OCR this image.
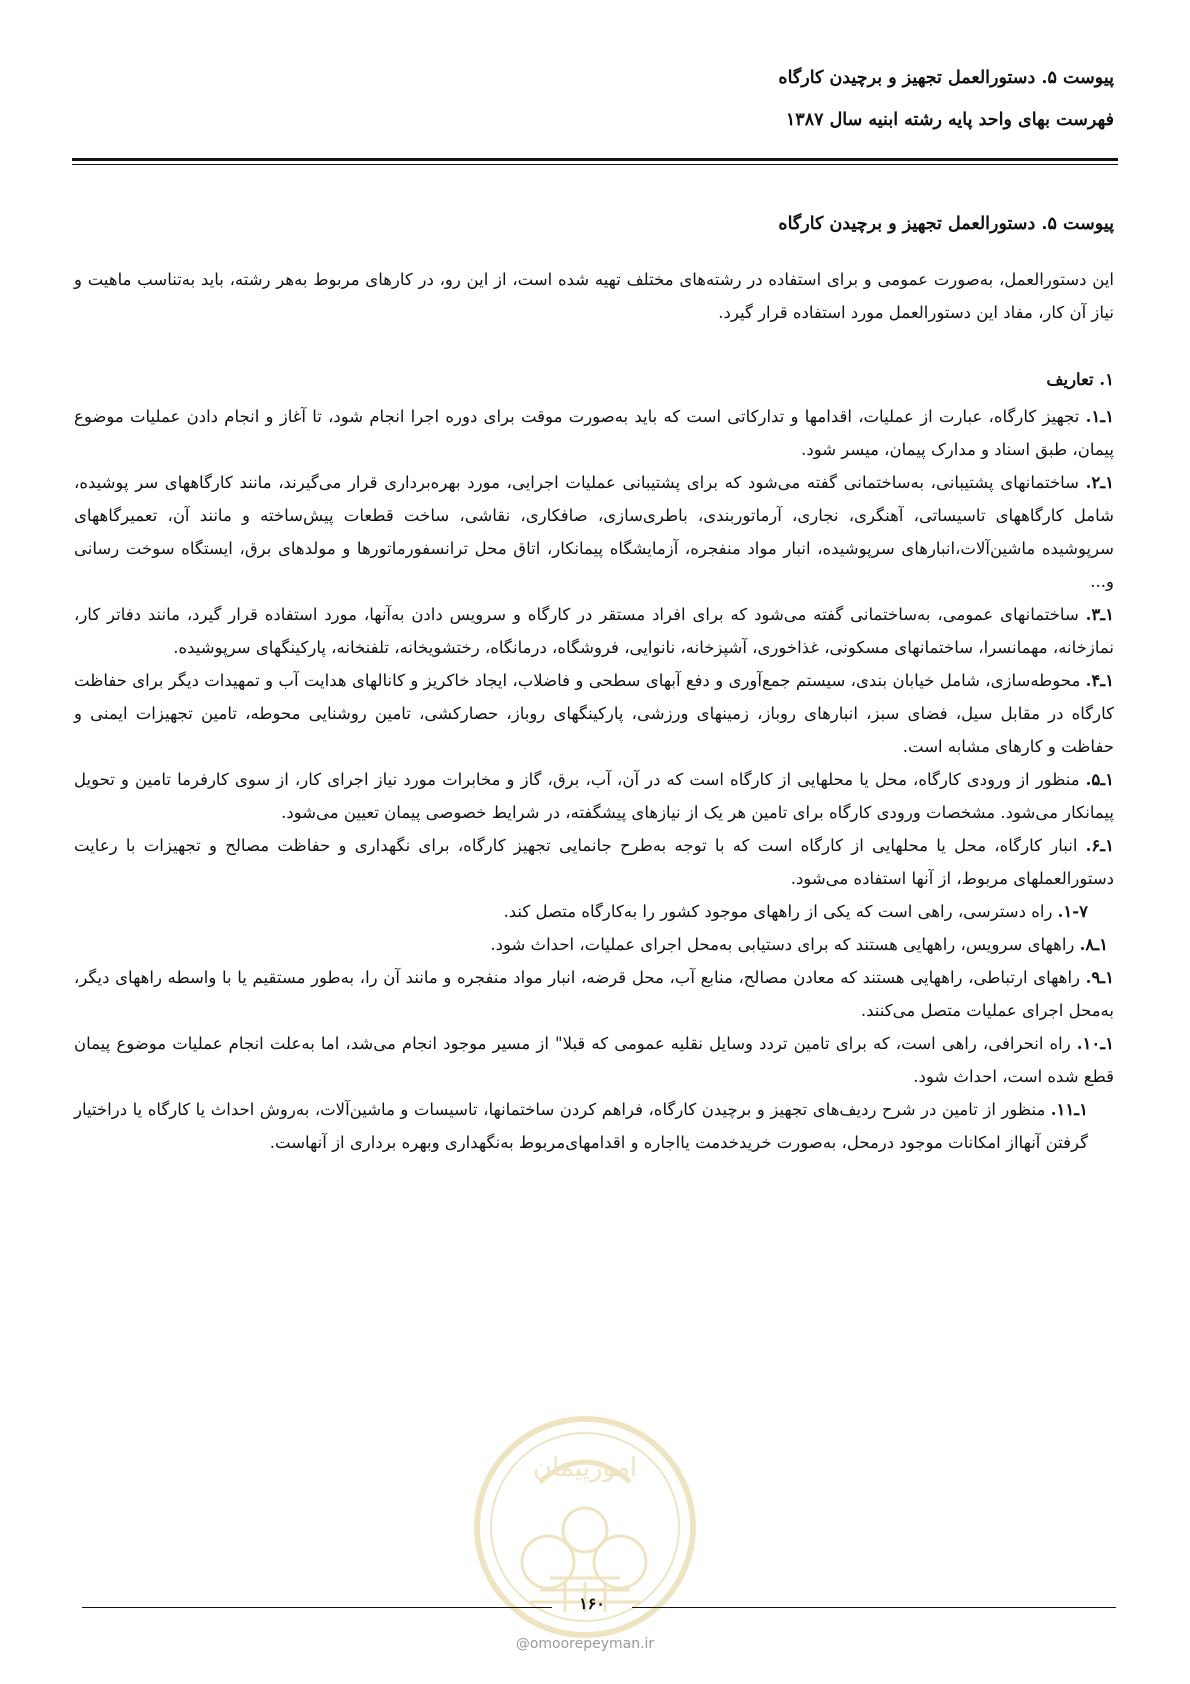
پیوست ۵. دستورالعمل تجهیز و برچیدن کارگاه
فهرست بهای واحد پایه رشته ابنیه سال ۱۳۸۷

پیوست ۵. دستورالعمل تجهیز و برچیدن کارگاه

این دستورالعمل، به‌صورت عمومی و برای استفاده در رشته‌های مختلف تهیه شده است، از این رو، در کارهای مربوط به‌هر رشته، باید به‌تناسب ماهیت و نیاز آن کار، مفاد این دستورالعمل مورد استفاده قرار گیرد.

۱. تعاریف

۱ـ۱. تجهیز کارگاه، عبارت از عملیات، اقدامها و تدارکاتی است که باید به‌صورت موقت برای دوره اجرا انجام شود، تا آغاز و انجام دادن عملیات موضوع پیمان، طبق اسناد و مدارک پیمان، میسر شود.

۱ـ۲. ساختمانهای پشتیبانی، به‌ساختمانی گفته می‌شود که برای پشتیبانی عملیات اجرایی، مورد بهره‌برداری قرار می‌گیرند، مانند کارگاههای سر پوشیده، شامل کارگاههای تاسیساتی، آهنگری، نجاری، آرماتوربندی، باطری‌سازی، صافکاری، نقاشی، ساخت قطعات پیش‌ساخته و مانند آن، تعمیرگاههای سرپوشیده ماشین‌آلات،انبارهای سرپوشیده، انبار مواد منفجره، آزمایشگاه پیمانکار، اتاق محل ترانسفورماتورها و مولدهای برق، ایستگاه سوخت رسانی و...

۱ـ۳. ساختمانهای عمومی، به‌ساختمانی گفته می‌شود که برای افراد مستقر در کارگاه و سرویس دادن به‌آنها، مورد استفاده قرار گیرد، مانند دفاتر کار، نمازخانه، مهمانسرا، ساختمانهای مسکونی، غذاخوری، آشپزخانه، نانوایی، فروشگاه، درمانگاه، رختشویخانه، تلفنخانه، پارکینگهای سرپوشیده.

۱ـ۴. محوطه‌سازی، شامل خیابان بندی، سیستم جمع‌آوری و دفع آبهای سطحی و فاضلاب، ایجاد خاکریز و کانالهای هدایت آب و تمهیدات دیگر برای حفاظت کارگاه در مقابل سیل، فضای سبز، انبارهای روباز، زمینهای ورزشی، پارکینگهای روباز، حصارکشی، تامین روشنایی محوطه، تامین تجهیزات ایمنی و حفاظت و کارهای مشابه است.

۱ـ۵. منظور از ورودی کارگاه، محل یا محلهایی از کارگاه است که در آن، آب، برق، گاز و مخابرات مورد نیاز اجرای کار، از سوی کارفرما تامین و تحویل پیمانکار می‌شود. مشخصات ورودی کارگاه برای تامین هر یک از نیازهای پیشگفته، در شرایط خصوصی پیمان تعیین می‌شود.

۱ـ۶. انبار کارگاه، محل یا محلهایی از کارگاه است که با توجه به‌طرح جانمایی تجهیز کارگاه، برای نگهداری و حفاظت مصالح و تجهیزات با رعایت دستورالعملهای مربوط، از آنها استفاده می‌شود.

۱-۷. راه دسترسی، راهی است که یکی از راههای موجود کشور را به‌کارگاه متصل کند.

۱ـ۸. راههای سرویس، راههایی هستند که برای دستیابی به‌محل اجرای عملیات، احداث شود.

۱ـ۹. راههای ارتباطی، راههایی هستند که معادن مصالح، منابع آب، محل قرضه، انبار مواد منفجره و مانند آن را، به‌طور مستقیم یا با واسطه راههای دیگر، به‌محل اجرای عملیات متصل می‌کنند.

۱ـ۱۰. راه انحرافی، راهی است، که برای تامین تردد وسایل نقلیه عمومی که قبلا" از مسیر موجود انجام می‌شد، اما به‌علت انجام عملیات موضوع پیمان قطع شده است، احداث شود.

۱ـ۱۱. منظور از تامین در شرح ردیف‌های تجهیز و برچیدن کارگاه، فراهم کردن ساختمانها، تاسیسات و ماشین‌آلات، به‌روش احداث یا کارگاه یا دراختیار گرفتن آنهااز امکانات موجود درمحل، به‌صورت خریدخدمت یااجاره و اقدامهای‌مربوط به‌نگهداری وبهره برداری از آنهاست.

امورپیمان
۱۶۰
@omoorepeyman.ir
